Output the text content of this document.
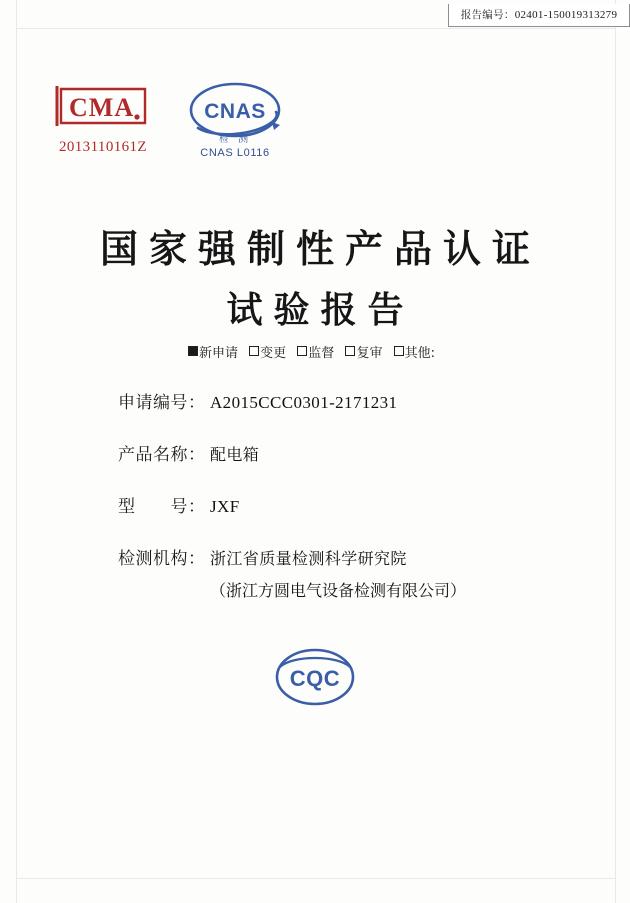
报告编号：02401-150019313279
CMA
2013110161Z
CNAS
检 测
CNAS L0116
国家强制性产品认证
试验报告
新申请 变更 监督 复审 其他:
申请编号： A2015CCC0301-2171231
产品名称： 配电箱
型　　号： JXF
检测机构： 浙江省质量检测科学研究院
（浙江方圆电气设备检测有限公司）
CQC
